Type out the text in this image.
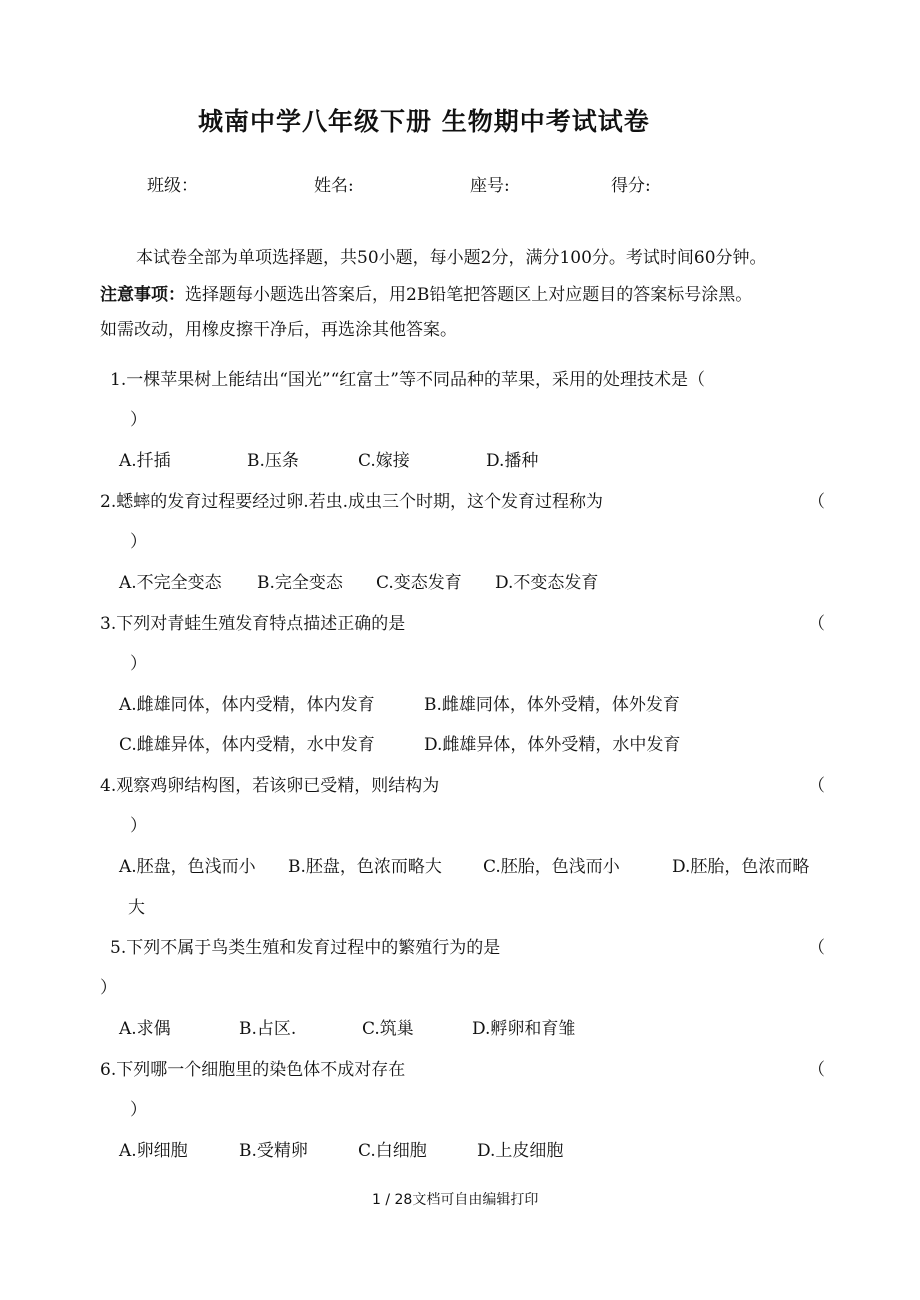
城南中学八年级下册 生物期中考试试卷
班级：	姓名:	座号:	得分:
本试卷全部为单项选择题，共50小题，每小题2分，满分100分。考试时间60分钟。
注意事项：选择题每小题选出答案后，用2B铅笔把答题区上对应题目的答案标号涂黑。
如需改动，用橡皮擦干净后，再选涂其他答案。
1.一棵苹果树上能结出“国光”“红富士”等不同品种的苹果，采用的处理技术是（
）
A.扦插	B.压条	C.嫁接	D.播种
2.蟋蟀的发育过程要经过卵.若虫.成虫三个时期，这个发育过程称为	（
）
A.不完全变态 B.完全变态 C.变态发育 D.不变态发育
3.下列对青蛙生殖发育特点描述正确的是	（
）
A.雌雄同体，体内受精，体内发育	B.雌雄同体，体外受精，体外发育
C.雌雄异体，体内受精，水中发育	D.雌雄异体，体外受精，水中发育
4.观察鸡卵结构图，若该卵已受精，则结构为	（
）
A.胚盘，色浅而小 B.胚盘，色浓而略大 C.胚胎，色浅而小	D.胚胎，色浓而略
大
5.下列不属于鸟类生殖和发育过程中的繁殖行为的是	（
）
A.求偶	B.占区.	C.筑巢	D.孵卵和育雏
6.下列哪一个细胞里的染色体不成对存在	（
）
A.卵细胞	B.受精卵	C.白细胞	D.上皮细胞
1 / 28文档可自由编辑打印
